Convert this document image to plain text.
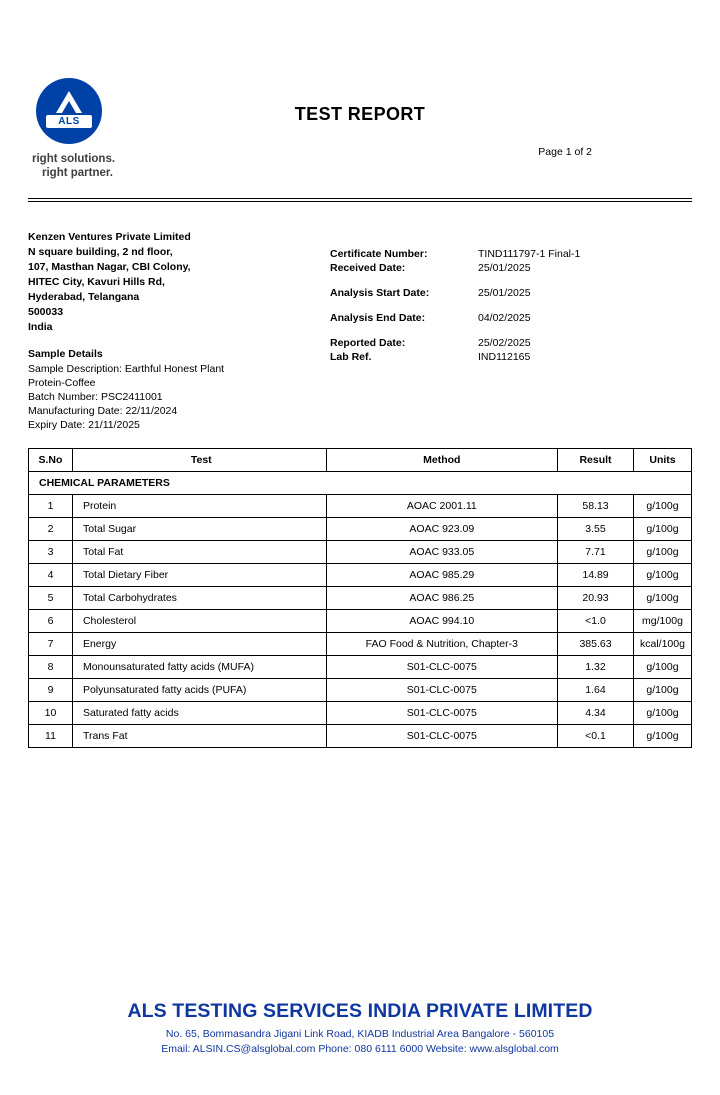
ALS
right solutions.
right partner.
TEST REPORT
Page 1 of 2
Kenzen Ventures Private Limited
N square building, 2 nd floor,
107, Masthan Nagar, CBI Colony,
HITEC City, Kavuri Hills Rd,
Hyderabad, Telangana
500033
India
Sample Details
Sample Description: Earthful Honest Plant
Protein-Coffee
Batch Number: PSC2411001
Manufacturing Date: 22/11/2024
Expiry Date: 21/11/2025
Certificate Number:	TIND111797-1 Final-1
Received Date:	25/01/2025
Analysis Start Date:	25/01/2025
Analysis End Date:	04/02/2025
Reported Date:	25/02/2025
Lab Ref.	IND112165
S.No	Test	Method	Result	Units
CHEMICAL PARAMETERS				
1	Protein	AOAC 2001.11	58.13	g/100g
2	Total Sugar	AOAC 923.09	3.55	g/100g
3	Total Fat	AOAC 933.05	7.71	g/100g
4	Total Dietary Fiber	AOAC 985.29	14.89	g/100g
5	Total Carbohydrates	AOAC 986.25	20.93	g/100g
6	Cholesterol	AOAC 994.10	<1.0	mg/100g
7	Energy	FAO Food & Nutrition, Chapter-3	385.63	kcal/100g
8	Monounsaturated fatty acids (MUFA)	S01-CLC-0075	1.32	g/100g
9	Polyunsaturated fatty acids (PUFA)	S01-CLC-0075	1.64	g/100g
10	Saturated fatty acids	S01-CLC-0075	4.34	g/100g
11	Trans Fat	S01-CLC-0075	<0.1	g/100g
ALS TESTING SERVICES INDIA PRIVATE LIMITED
No. 65, Bommasandra Jigani Link Road, KIADB Industrial Area Bangalore - 560105
Email: ALSIN.CS@alsglobal.com Phone: 080 6111 6000 Website: www.alsglobal.com
